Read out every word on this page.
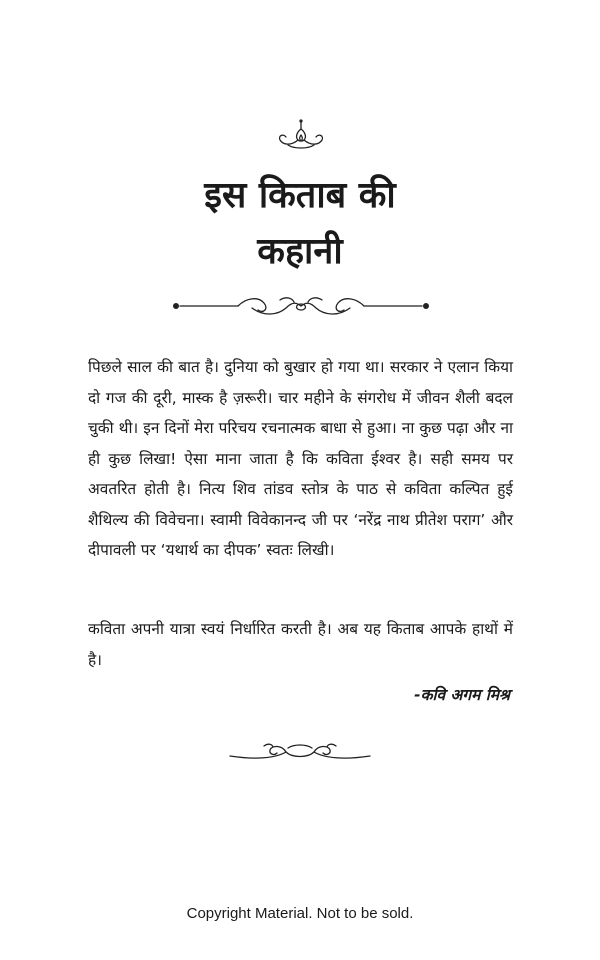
इस किताब की
कहानी

पिछले साल की बात है। दुनिया को बुखार हो गया था। सरकार ने एलान किया दो गज की दूरी, मास्क है ज़रूरी। चार महीने के संगरोध में जीवन शैली बदल चुकी थी। इन दिनों मेरा परिचय रचनात्मक बाधा से हुआ। ना कुछ पढ़ा और ना ही कुछ लिखा! ऐसा माना जाता है कि कविता ईश्वर है। सही समय पर अवतरित होती है। नित्य शिव तांडव स्तोत्र के पाठ से कविता कल्पित हुई शैथिल्य की विवेचना। स्वामी विवेकानन्द जी पर ‘नरेंद्र नाथ प्रीतेश पराग’ और दीपावली पर ‘यथार्थ का दीपक’ स्वतः लिखी।

कविता अपनी यात्रा स्वयं निर्धारित करती है। अब यह किताब आपके हाथों में है।

-कवि अगम मिश्र
Copyright Material. Not to be sold.
